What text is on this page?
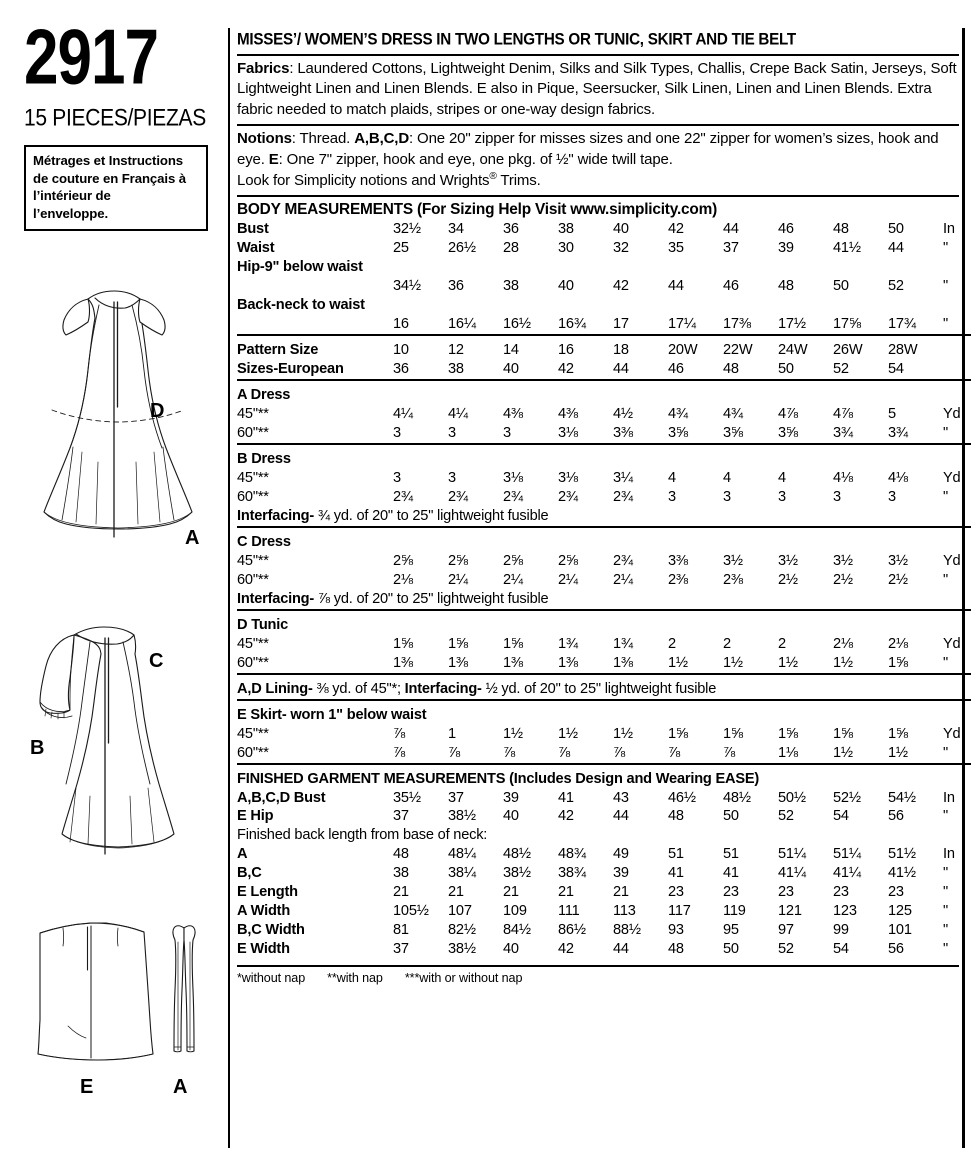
2917
15 PIECES/PIEZAS
Métrages et Instructions
de couture en Français à
l’intérieur de
l’enveloppe.
D
A
C
B
E	A
MISSES’/ WOMEN’S DRESS IN TWO LENGTHS OR TUNIC, SKIRT AND TIE BELT
Fabrics: Laundered Cottons, Lightweight Denim, Silks and Silk Types, Challis, Crepe Back Satin, Jerseys, Soft Lightweight Linen and Linen Blends. E also in Pique, Seersucker, Silk Linen, Linen and Linen Blends. Extra fabric needed to match plaids, stripes or one-way design fabrics.
Notions: Thread. A,B,C,D: One 20" zipper for misses sizes and one 22" zipper for women’s sizes, hook and eye. E: One 7" zipper, hook and eye, one pkg. of ½" wide twill tape.
Look for Simplicity notions and Wrights® Trims.
BODY MEASUREMENTS (For Sizing Help Visit www.simplicity.com)
Bust	32½	34	36	38	40	42	44	46	48	50	In
Waist	25	26½	28	30	32	35	37	39	41½	44	"
Hip-9" below waist											
	34½	36	38	40	42	44	46	48	50	52	"
Back-neck to waist											
	16	16¼	16½	16¾	17	17¼	17⅜	17½	17⅝	17¾	"

Pattern Size	10	12	14	16	18	20W	22W	24W	26W	28W	
Sizes-European	36	38	40	42	44	46	48	50	52	54	

A Dress											
45"**	4¼	4¼	4⅜	4⅜	4½	4¾	4¾	4⅞	4⅞	5	Yd
60"**	3	3	3	3⅛	3⅜	3⅝	3⅝	3⅝	3¾	3¾	"

B Dress											
45"**	3	3	3⅛	3⅛	3¼	4	4	4	4⅛	4⅛	Yd
60"**	2¾	2¾	2¾	2¾	2¾	3	3	3	3	3	"
Interfacing- ¾ yd. of 20" to 25" lightweight fusible											

C Dress											
45"**	2⅝	2⅝	2⅝	2⅝	2¾	3⅜	3½	3½	3½	3½	Yd
60"**	2⅛	2¼	2¼	2¼	2¼	2⅜	2⅜	2½	2½	2½	"
Interfacing- ⅞ yd. of 20" to 25" lightweight fusible											

D Tunic											
45"**	1⅝	1⅝	1⅝	1¾	1¾	2	2	2	2⅛	2⅛	Yd
60"**	1⅜	1⅜	1⅜	1⅜	1⅜	1½	1½	1½	1½	1⅝	"

A,D Lining- ⅜ yd. of 45"*; Interfacing- ½ yd. of 20" to 25" lightweight fusible											

E Skirt- worn 1" below waist											
45"**	⅞	1	1½	1½	1½	1⅝	1⅝	1⅝	1⅝	1⅝	Yd
60"**	⅞	⅞	⅞	⅞	⅞	⅞	⅞	1⅛	1½	1½	"

FINISHED GARMENT MEASUREMENTS (Includes Design and Wearing EASE)											
A,B,C,D Bust	35½	37	39	41	43	46½	48½	50½	52½	54½	In
E Hip	37	38½	40	42	44	48	50	52	54	56	"
Finished back length from base of neck:											
A	48	48¼	48½	48¾	49	51	51	51¼	51¼	51½	In
B,C	38	38¼	38½	38¾	39	41	41	41¼	41¼	41½	"
E Length	21	21	21	21	21	23	23	23	23	23	"
A Width	105½	107	109	111	113	117	119	121	123	125	"
B,C Width	81	82½	84½	86½	88½	93	95	97	99	101	"
E Width	37	38½	40	42	44	48	50	52	54	56	"
*without nap **with nap ***with or without nap
